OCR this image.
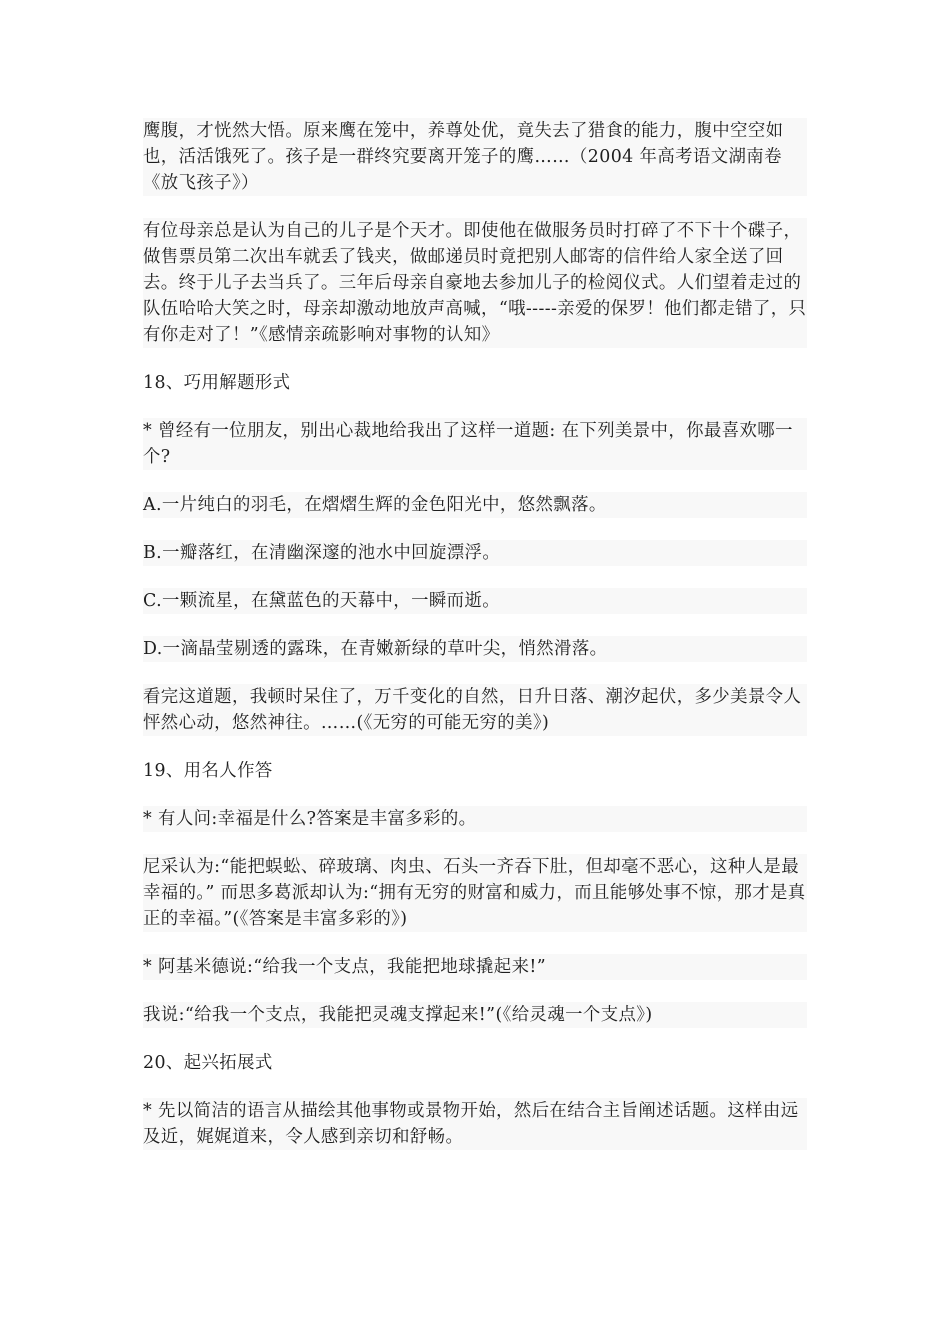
鹰腹，才恍然大悟。原来鹰在笼中，养尊处优，竟失去了猎食的能力，腹中空空如也，活活饿死了。孩子是一群终究要离开笼子的鹰……（2004 年高考语文湖南卷《放飞孩子》）

有位母亲总是认为自己的儿子是个天才。即使他在做服务员时打碎了不下十个碟子，做售票员第二次出车就丢了钱夹，做邮递员时竟把别人邮寄的信件给人家全送了回去。终于儿子去当兵了。三年后母亲自豪地去参加儿子的检阅仪式。人们望着走过的队伍哈哈大笑之时，母亲却激动地放声高喊，“哦-----亲爱的保罗！他们都走错了，只有你走对了！”《感情亲疏影响对事物的认知》

18、巧用解题形式

* 曾经有一位朋友，别出心裁地给我出了这样一道题: 在下列美景中，你最喜欢哪一个?

A.一片纯白的羽毛，在熠熠生辉的金色阳光中，悠然飘落。

B.一瓣落红，在清幽深邃的池水中回旋漂浮。

C.一颗流星，在黛蓝色的天幕中，一瞬而逝。

D.一滴晶莹剔透的露珠，在青嫩新绿的草叶尖，悄然滑落。

看完这道题，我顿时呆住了，万千变化的自然，日升日落、潮汐起伏，多少美景令人怦然心动，悠然神往。……(《无穷的可能无穷的美》)

19、用名人作答

* 有人问:幸福是什么?答案是丰富多彩的。

尼采认为:“能把蜈蚣、碎玻璃、肉虫、石头一齐吞下肚，但却毫不恶心，这种人是最幸福的。” 而思多葛派却认为:“拥有无穷的财富和威力，而且能够处事不惊，那才是真正的幸福。”(《答案是丰富多彩的》)

* 阿基米德说:“给我一个支点，我能把地球撬起来!”

我说:“给我一个支点，我能把灵魂支撑起来!”(《给灵魂一个支点》)

20、起兴拓展式

* 先以简洁的语言从描绘其他事物或景物开始，然后在结合主旨阐述话题。这样由远及近，娓娓道来，令人感到亲切和舒畅。
